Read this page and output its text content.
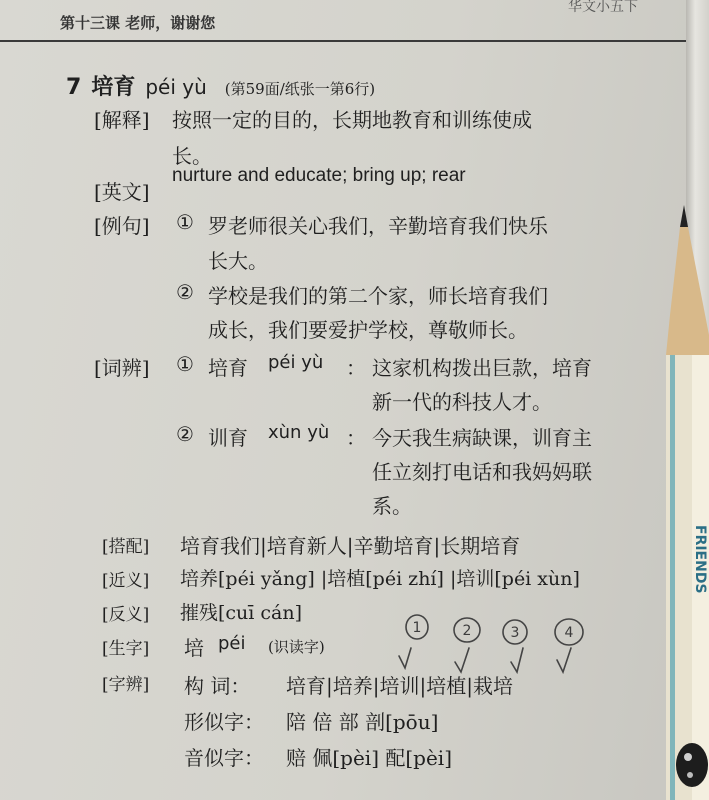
第十三课 老师，谢谢您
华文小五下
7 培育 péi yù (第59面/纸张一第6行)
[解释] 按照一定的目的，长期地教育和训练使成
长。
[英文]
nurture and educate; bring up; rear
[例句] ① 罗老师很关心我们，辛勤培育我们快乐
长大。
② 学校是我们的第二个家，师长培育我们
成长，我们要爱护学校，尊敬师长。
[词辨] ① 培育 péi yù ： 这家机构拨出巨款，培育
新一代的科技人才。
② 训育 xùn yù ： 今天我生病缺课，训育主
任立刻打电话和我妈妈联
系。
[搭配] 培育我们|培育新人|辛勤培育|长期培育
[近义] 培养[péi yǎng] |培植[péi zhí] |培训[péi xùn]
[反义] 摧残[cuī cán]
[生字] 培 péi (识读字)
[字辨] 构 词： 培育|培养|培训|培植|栽培
形似字： 陪 倍 部 剖[pōu]
音似字： 赔 佩[pèi] 配[pèi]
1	2	3	4
FRIENDS
